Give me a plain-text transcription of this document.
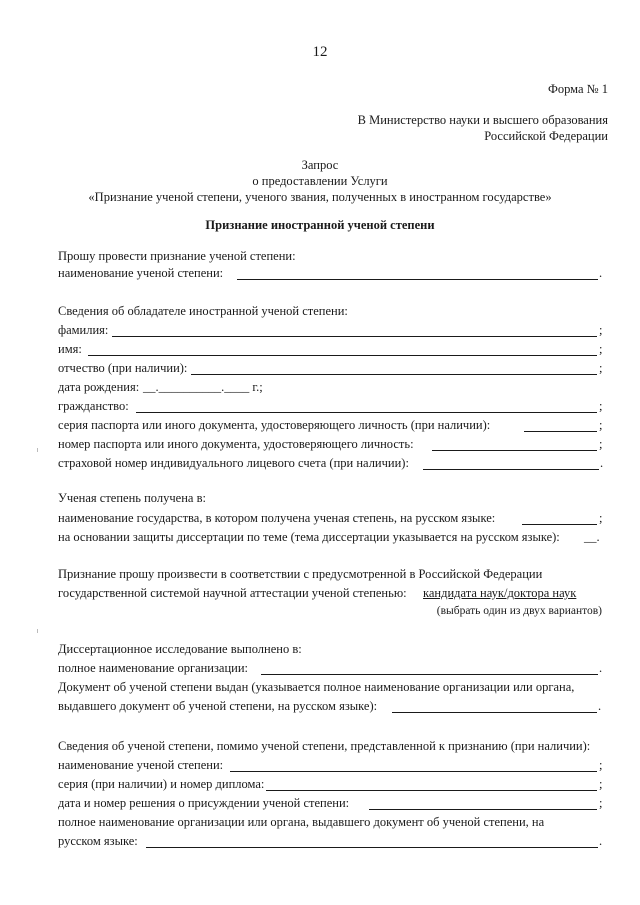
12
Форма № 1
В Министерство науки и высшего образования
Российской Федерации
Запрос
о предоставлении Услуги
«Признание ученой степени, ученого звания, полученных в иностранном государстве»
Признание иностранной ученой степени
Прошу провести признание ученой степени:
наименование ученой степени:	.
Сведения об обладателе иностранной ученой степени:
фамилия:	;
имя:	;
отчество (при наличии):	;
дата рождения: __.__________.____ г.;
гражданство:	;
серия паспорта или иного документа, удостоверяющего личность (при наличии):	;
номер паспорта или иного документа, удостоверяющего личность:	;
страховой номер индивидуального лицевого счета (при наличии):	.
Ученая степень получена в:
наименование государства, в котором получена ученая степень, на русском языке:	;
на основании защиты диссертации по теме (тема диссертации указывается на русском языке): __.
Признание прошу произвести в соответствии с предусмотренной в Российской Федерации
государственной системой научной аттестации ученой степенью: кандидата наук/доктора наук
(выбрать один из двух вариантов)
Диссертационное исследование выполнено в:
полное наименование организации:	.
Документ об ученой степени выдан (указывается полное наименование организации или органа,
выдавшего документ об ученой степени, на русском языке):	.
Сведения об ученой степени, помимо ученой степени, представленной к признанию (при наличии):
наименование ученой степени:	;
серия (при наличии) и номер диплома:	;
дата и номер решения о присуждении ученой степени:	;
полное наименование организации или органа, выдавшего документ об ученой степени, на
русском языке:	.
